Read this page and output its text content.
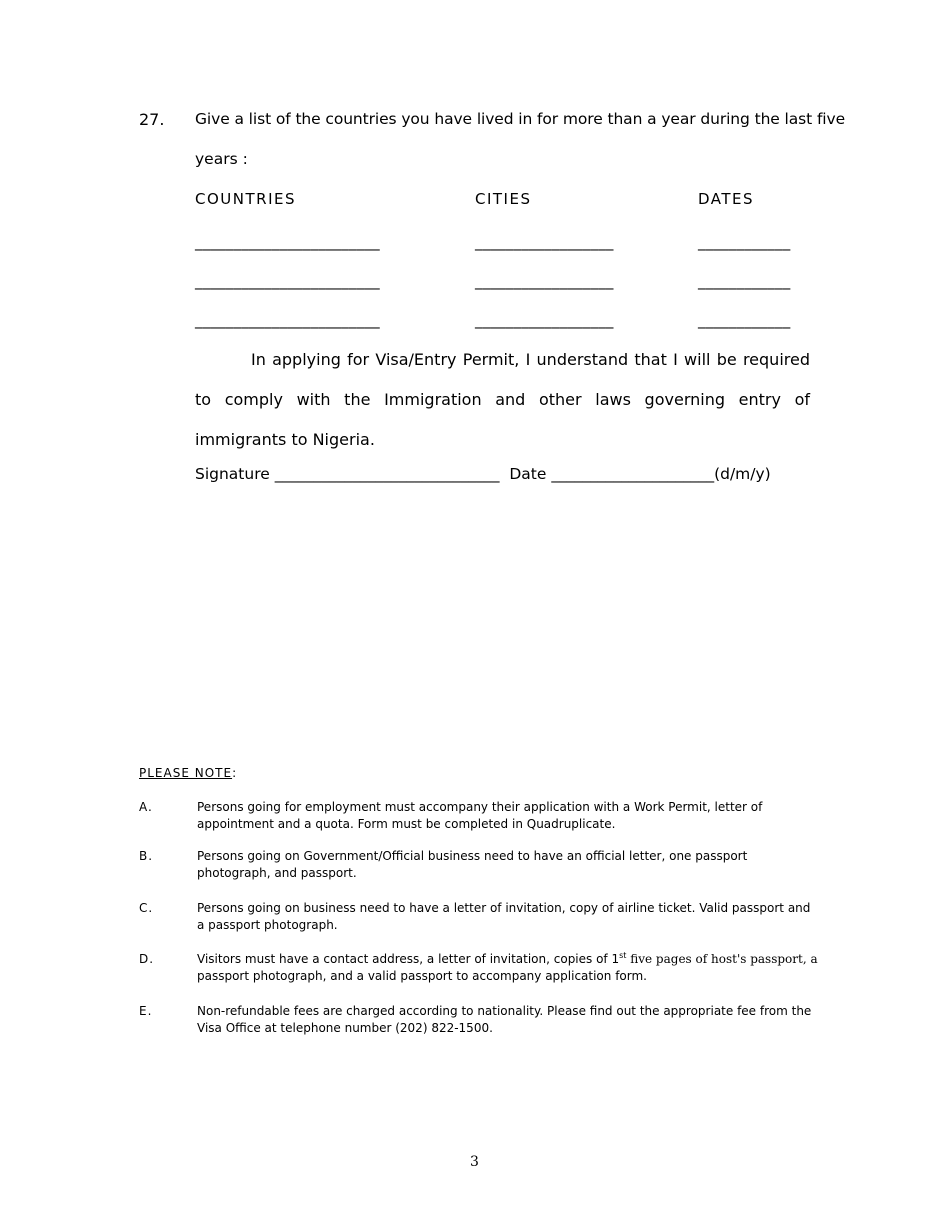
27. Give a list of the countries you have lived in for more than a year during the last five
years :
COUNTRIES	CITIES	DATES
________________________	__________________	____________
________________________	__________________	____________
________________________	__________________	____________
In applying for Visa/Entry Permit, I understand that I will be required to comply with the Immigration and other laws governing entry of immigrants to Nigeria.
Signature _____________________________ Date _____________________(d/m/y)
PLEASE NOTE:
A.	Persons going for employment must accompany their application with a Work Permit, letter of appointment and a quota. Form must be completed in Quadruplicate.
B.	Persons going on Government/Official business need to have an official letter, one passport photograph, and passport.
C.	Persons going on business need to have a letter of invitation, copy of airline ticket. Valid passport and a passport photograph.
D.	Visitors must have a contact address, a letter of invitation, copies of 1st five pages of host's passport, a
passport photograph, and a valid passport to accompany application form.
E.	Non-refundable fees are charged according to nationality. Please find out the appropriate fee from the Visa Office at telephone number (202) 822-1500.
3
